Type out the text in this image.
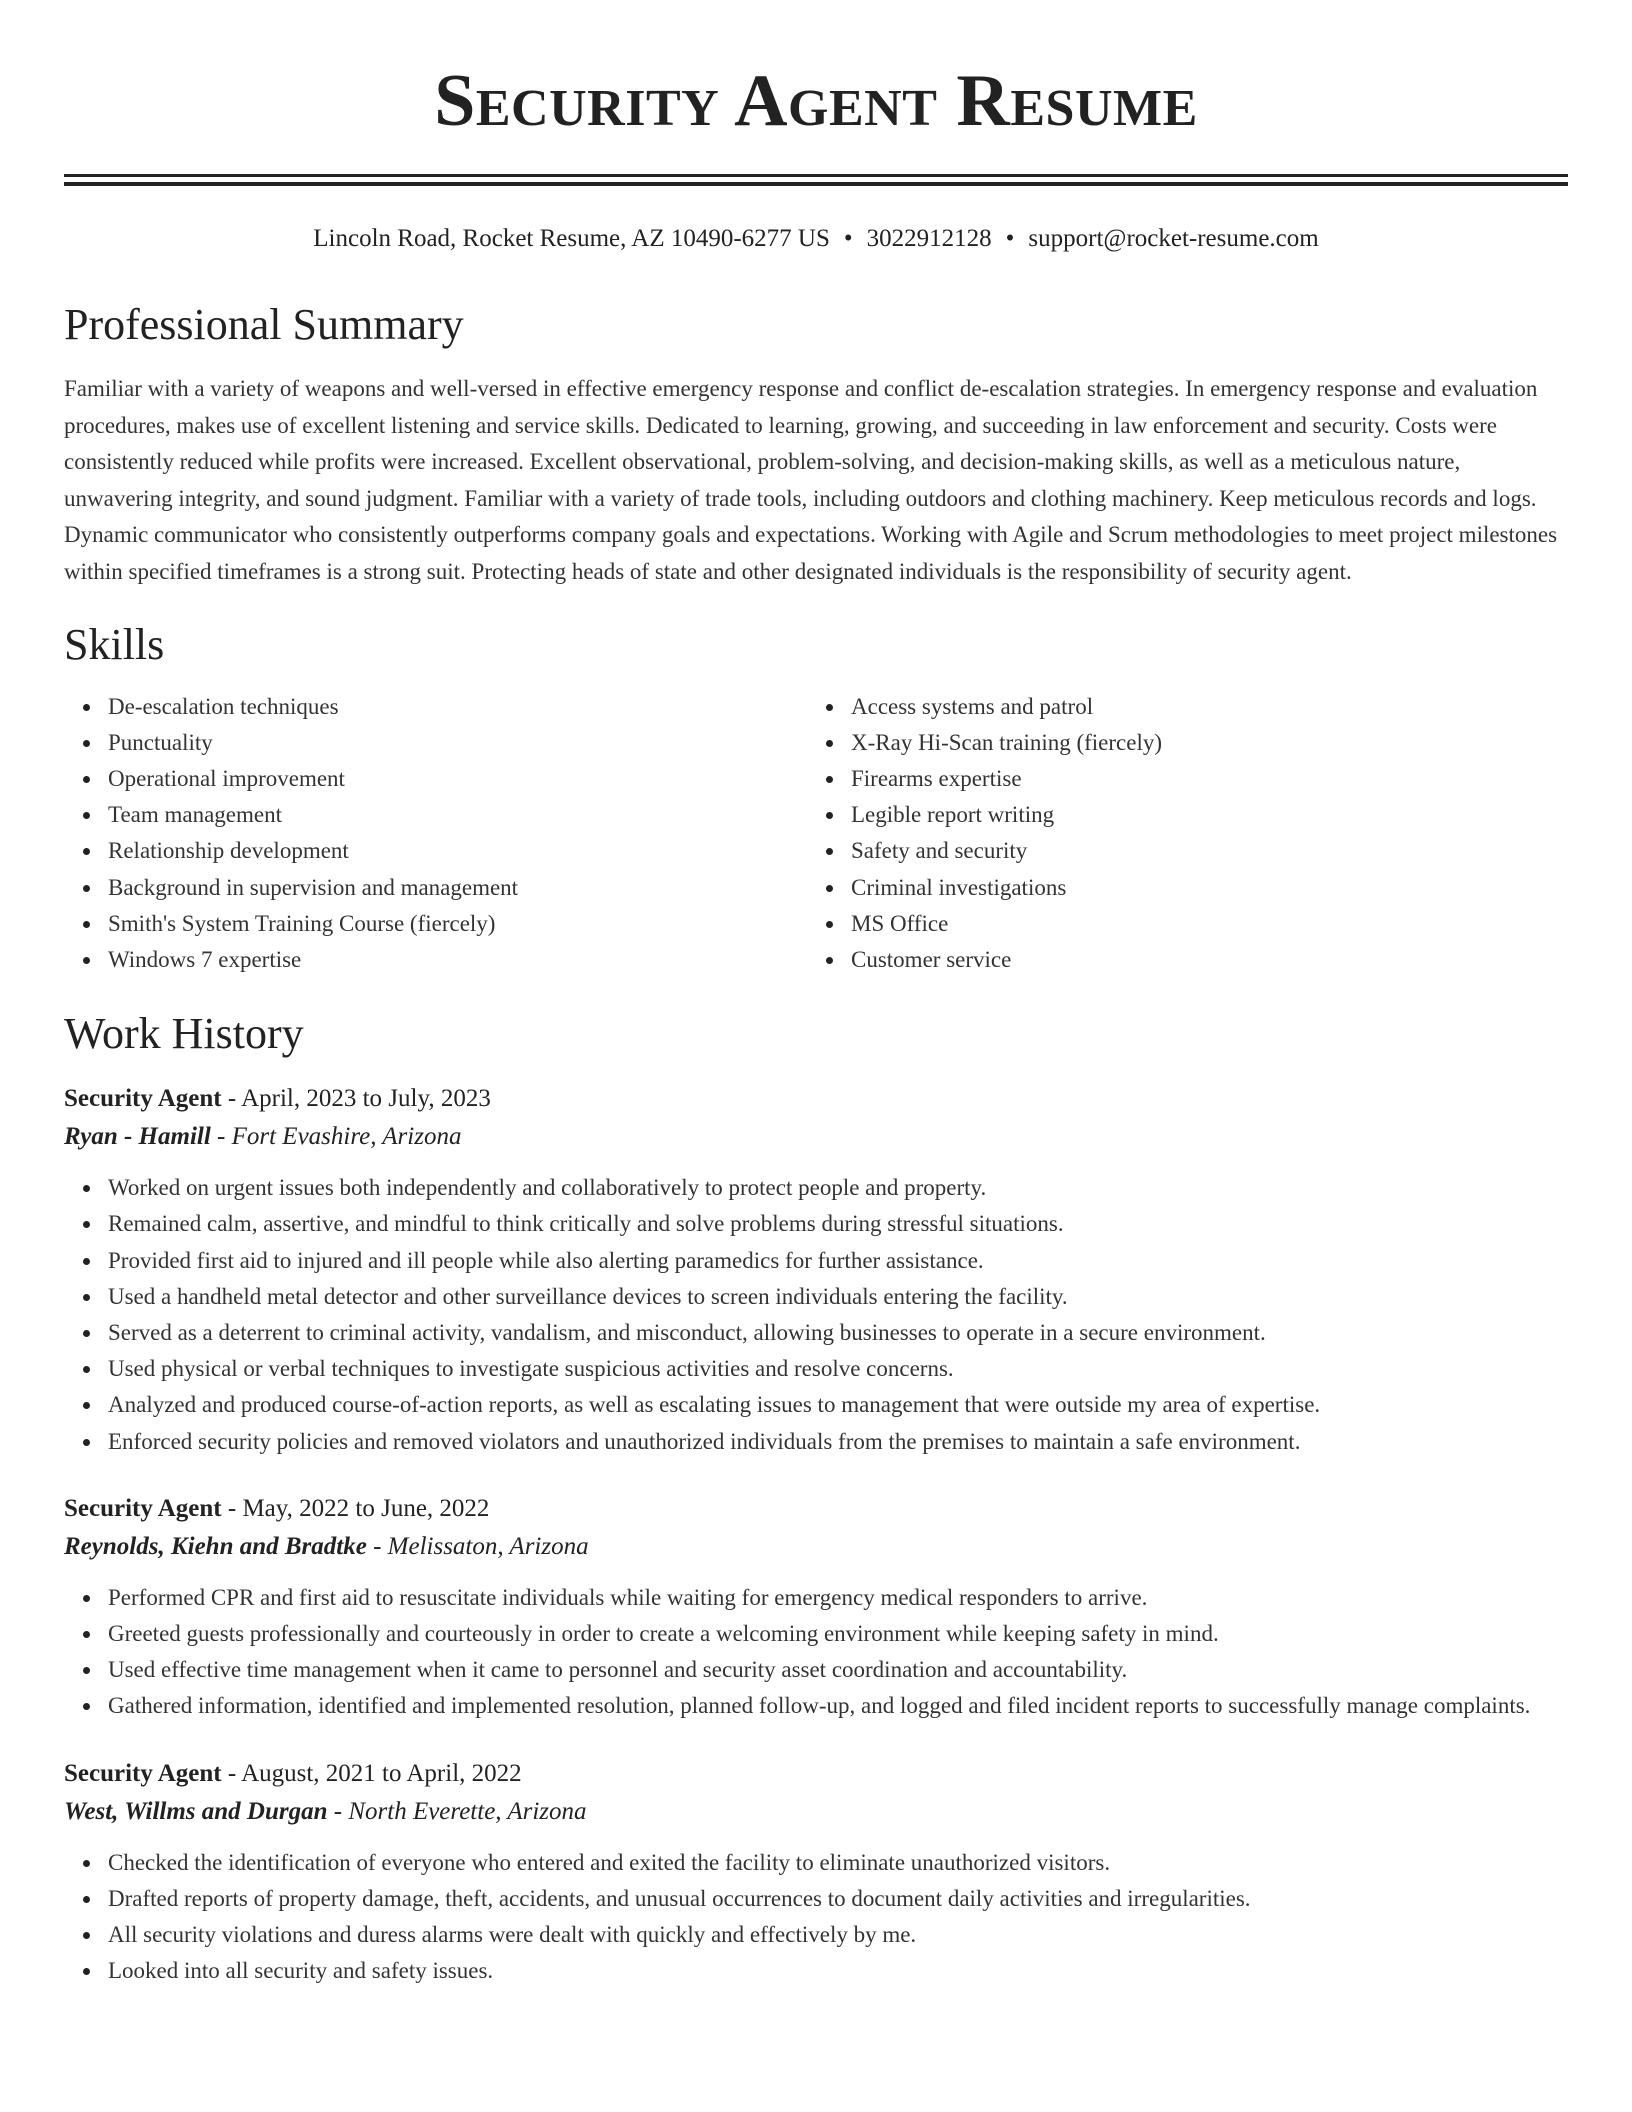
Security Agent Resume
Lincoln Road, Rocket Resume, AZ 10490-6277 US • 3022912128 • support@rocket-resume.com
Professional Summary

Familiar with a variety of weapons and well-versed in effective emergency response and conflict de-escalation strategies. In emergency response and evaluation procedures, makes use of excellent listening and service skills. Dedicated to learning, growing, and succeeding in law enforcement and security. Costs were consistently reduced while profits were increased. Excellent observational, problem-solving, and decision-making skills, as well as a meticulous nature, unwavering integrity, and sound judgment. Familiar with a variety of trade tools, including outdoors and clothing machinery. Keep meticulous records and logs. Dynamic communicator who consistently outperforms company goals and expectations. Working with Agile and Scrum methodologies to meet project milestones within specified timeframes is a strong suit. Protecting heads of state and other designated individuals is the responsibility of security agent.

Skills
De-escalation techniques
Punctuality
Operational improvement
Team management
Relationship development
Background in supervision and management
Smith's System Training Course (fiercely)
Windows 7 expertise
Access systems and patrol
X-Ray Hi-Scan training (fiercely)
Firearms expertise
Legible report writing
Safety and security
Criminal investigations
MS Office
Customer service
Work History
Security Agent - April, 2023 to July, 2023
Ryan - Hamill - Fort Evashire, Arizona
Worked on urgent issues both independently and collaboratively to protect people and property.
Remained calm, assertive, and mindful to think critically and solve problems during stressful situations.
Provided first aid to injured and ill people while also alerting paramedics for further assistance.
Used a handheld metal detector and other surveillance devices to screen individuals entering the facility.
Served as a deterrent to criminal activity, vandalism, and misconduct, allowing businesses to operate in a secure environment.
Used physical or verbal techniques to investigate suspicious activities and resolve concerns.
Analyzed and produced course-of-action reports, as well as escalating issues to management that were outside my area of expertise.
Enforced security policies and removed violators and unauthorized individuals from the premises to maintain a safe environment.
Security Agent - May, 2022 to June, 2022
Reynolds, Kiehn and Bradtke - Melissaton, Arizona
Performed CPR and first aid to resuscitate individuals while waiting for emergency medical responders to arrive.
Greeted guests professionally and courteously in order to create a welcoming environment while keeping safety in mind.
Used effective time management when it came to personnel and security asset coordination and accountability.
Gathered information, identified and implemented resolution, planned follow-up, and logged and filed incident reports to successfully manage complaints.
Security Agent - August, 2021 to April, 2022
West, Willms and Durgan - North Everette, Arizona
Checked the identification of everyone who entered and exited the facility to eliminate unauthorized visitors.
Drafted reports of property damage, theft, accidents, and unusual occurrences to document daily activities and irregularities.
All security violations and duress alarms were dealt with quickly and effectively by me.
Looked into all security and safety issues.
